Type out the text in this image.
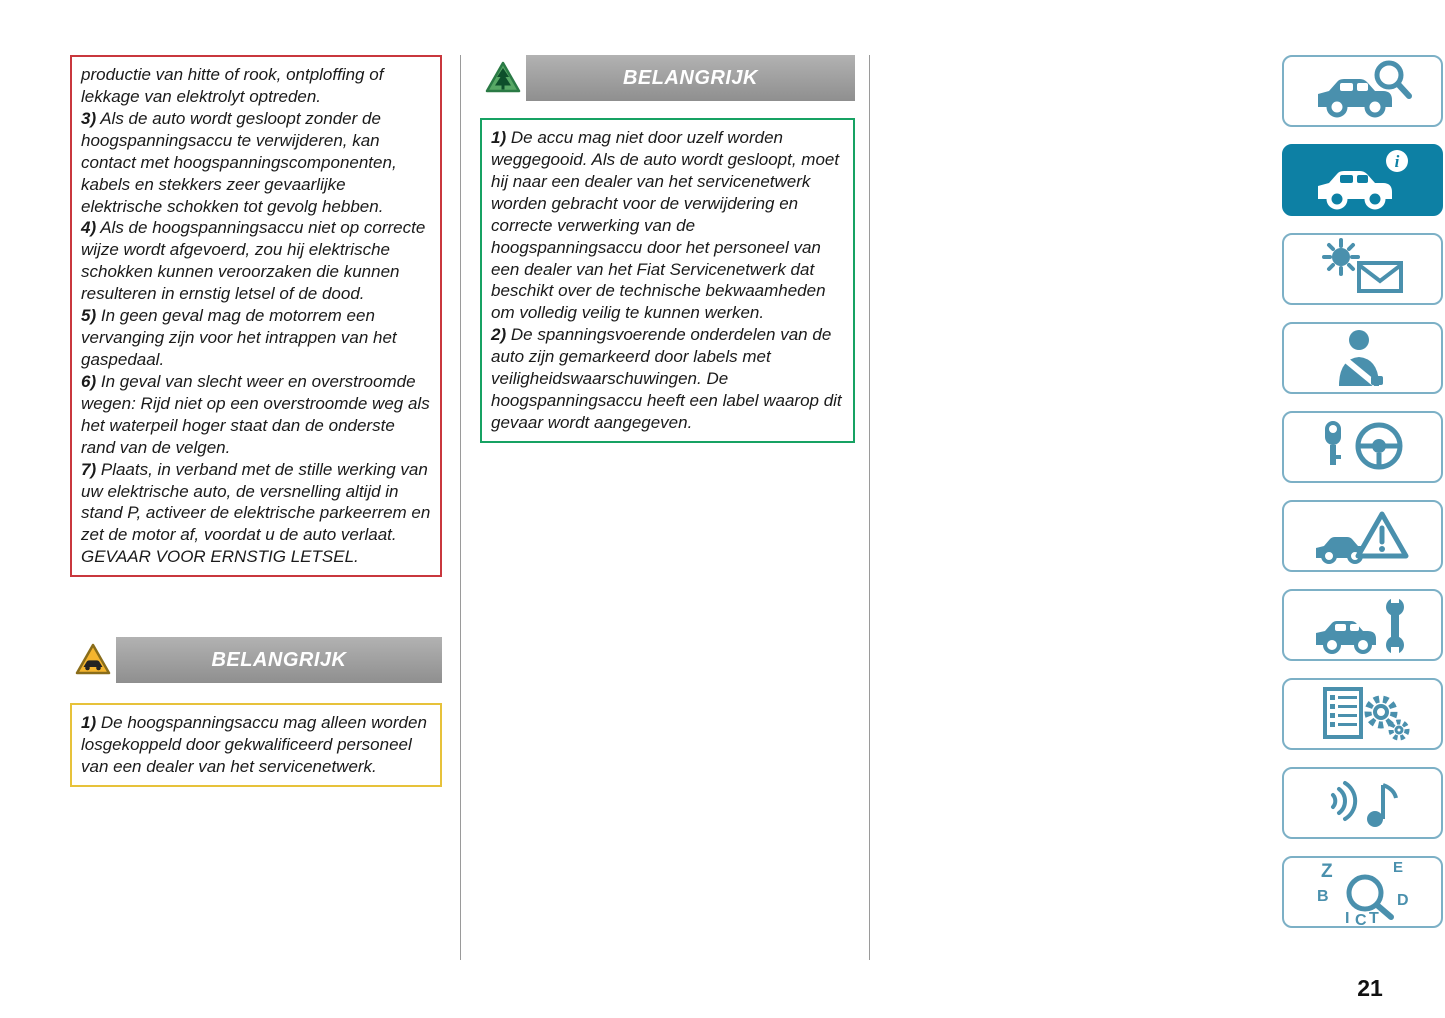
productie van hitte of rook, ontploffing of lekkage van elektrolyt optreden.

3) Als de auto wordt gesloopt zonder de hoogspanningsaccu te verwijderen, kan contact met hoogspanningscomponenten, kabels en stekkers zeer gevaarlijke elektrische schokken tot gevolg hebben.

4) Als de hoogspanningsaccu niet op correcte wijze wordt afgevoerd, zou hij elektrische schokken kunnen veroorzaken die kunnen resulteren in ernstig letsel of de dood.

5) In geen geval mag de motorrem een vervanging zijn voor het intrappen van het gaspedaal.

6) In geval van slecht weer en overstroomde wegen: Rijd niet op een overstroomde weg als het waterpeil hoger staat dan de onderste rand van de velgen.

7) Plaats, in verband met de stille werking van uw elektrische auto, de versnelling altijd in stand P, activeer de elektrische parkeerrem en zet de motor af, voordat u de auto verlaat. GEVAAR VOOR ERNSTIG LETSEL.

BELANGRIJK

1) De hoogspanningsaccu mag alleen worden losgekoppeld door gekwalificeerd personeel van een dealer van het servicenetwerk.

BELANGRIJK

1) De accu mag niet door uzelf worden weggegooid. Als de auto wordt gesloopt, moet hij naar een dealer van het servicenetwerk worden gebracht voor de verwijdering en correcte verwerking van de hoogspanningsaccu door het personeel van een dealer van het Fiat Servicenetwerk dat beschikt over de technische bekwaamheden om volledig veilig te kunnen werken.

2) De spanningsvoerende onderdelen van de auto zijn gemarkeerd door labels met veiligheidswaarschuwingen. De hoogspanningsaccu heeft een label waarop dit gevaar wordt aangegeven.

i
Z	E
B	D
I C T
21
